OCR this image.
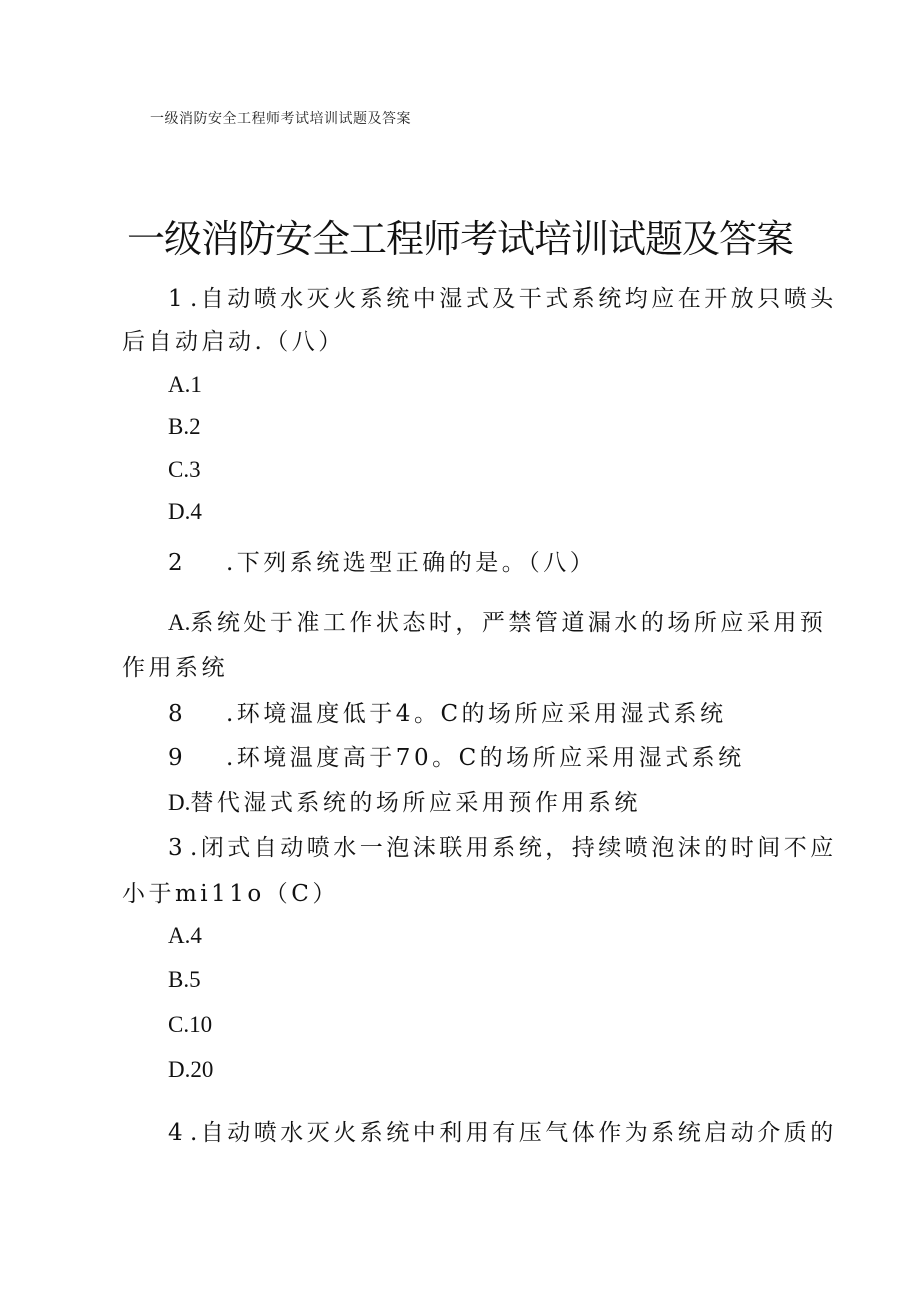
一级消防安全工程师考试培训试题及答案
一级消防安全工程师考试培训试题及答案
1 .自动喷水灭火系统中湿式及干式系统均应在开放只喷头
后自动启动.（八）
A.1
B.2
C.3
D.4
2 .下列系统选型正确的是。（八）
A.系统处于准工作状态时，严禁管道漏水的场所应采用预
作用系统
8 .环境温度低于4。C的场所应采用湿式系统
9 .环境温度高于70。C的场所应采用湿式系统
D.替代湿式系统的场所应采用预作用系统
3 .闭式自动喷水一泡沫联用系统，持续喷泡沫的时间不应
小于mi11o（C）
A.4
B.5
C.10
D.20
4 .自动喷水灭火系统中利用有压气体作为系统启动介质的
